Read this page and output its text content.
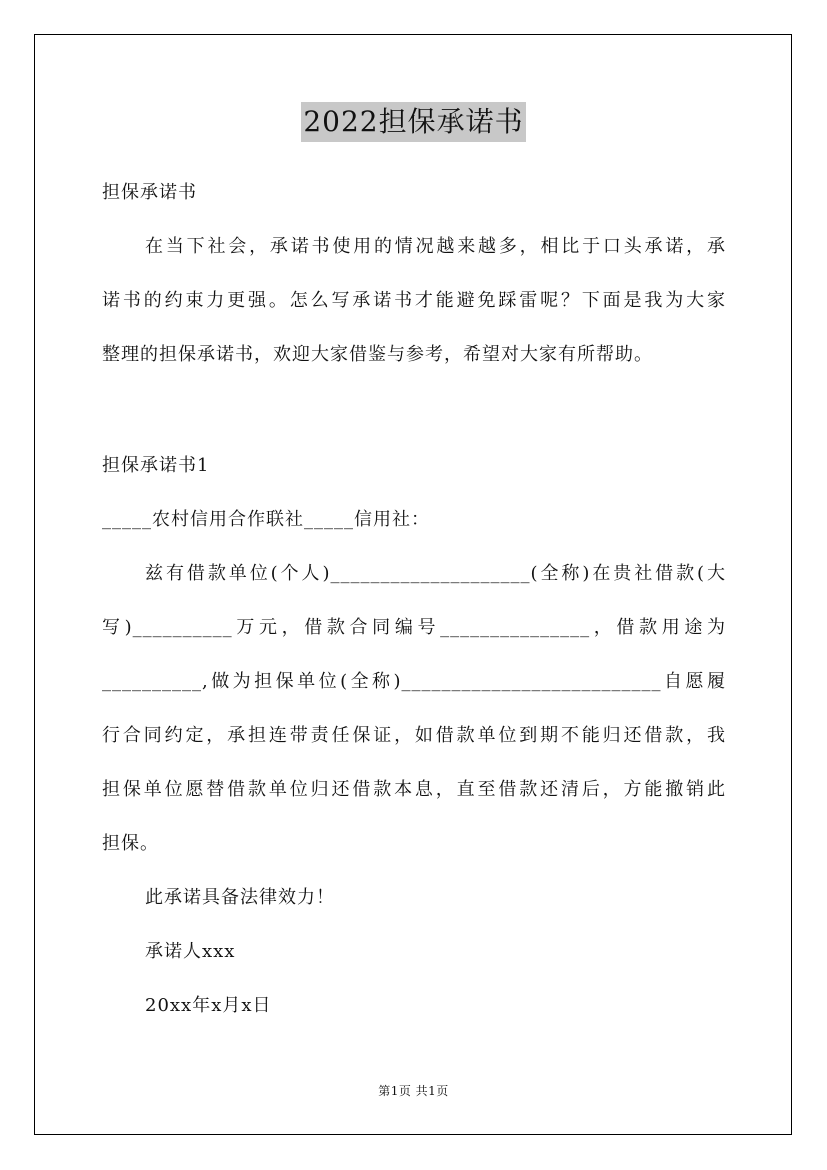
2022担保承诺书
担保承诺书
在当下社会，承诺书使用的情况越来越多，相比于口头承诺，承
诺书的约束力更强。怎么写承诺书才能避免踩雷呢？下面是我为大家
整理的担保承诺书，欢迎大家借鉴与参考，希望对大家有所帮助。
担保承诺书1
_____农村信用合作联社_____信用社：
兹有借款单位(个人)____________________(全称)在贵社借款(大
写)__________万元，借款合同编号_______________，借款用途为
__________,做为担保单位(全称)__________________________自愿履
行合同约定，承担连带责任保证，如借款单位到期不能归还借款，我
担保单位愿替借款单位归还借款本息，直至借款还清后，方能撤销此
担保。
此承诺具备法律效力！
承诺人xxx
20xx年x月x日
第1页 共1页
